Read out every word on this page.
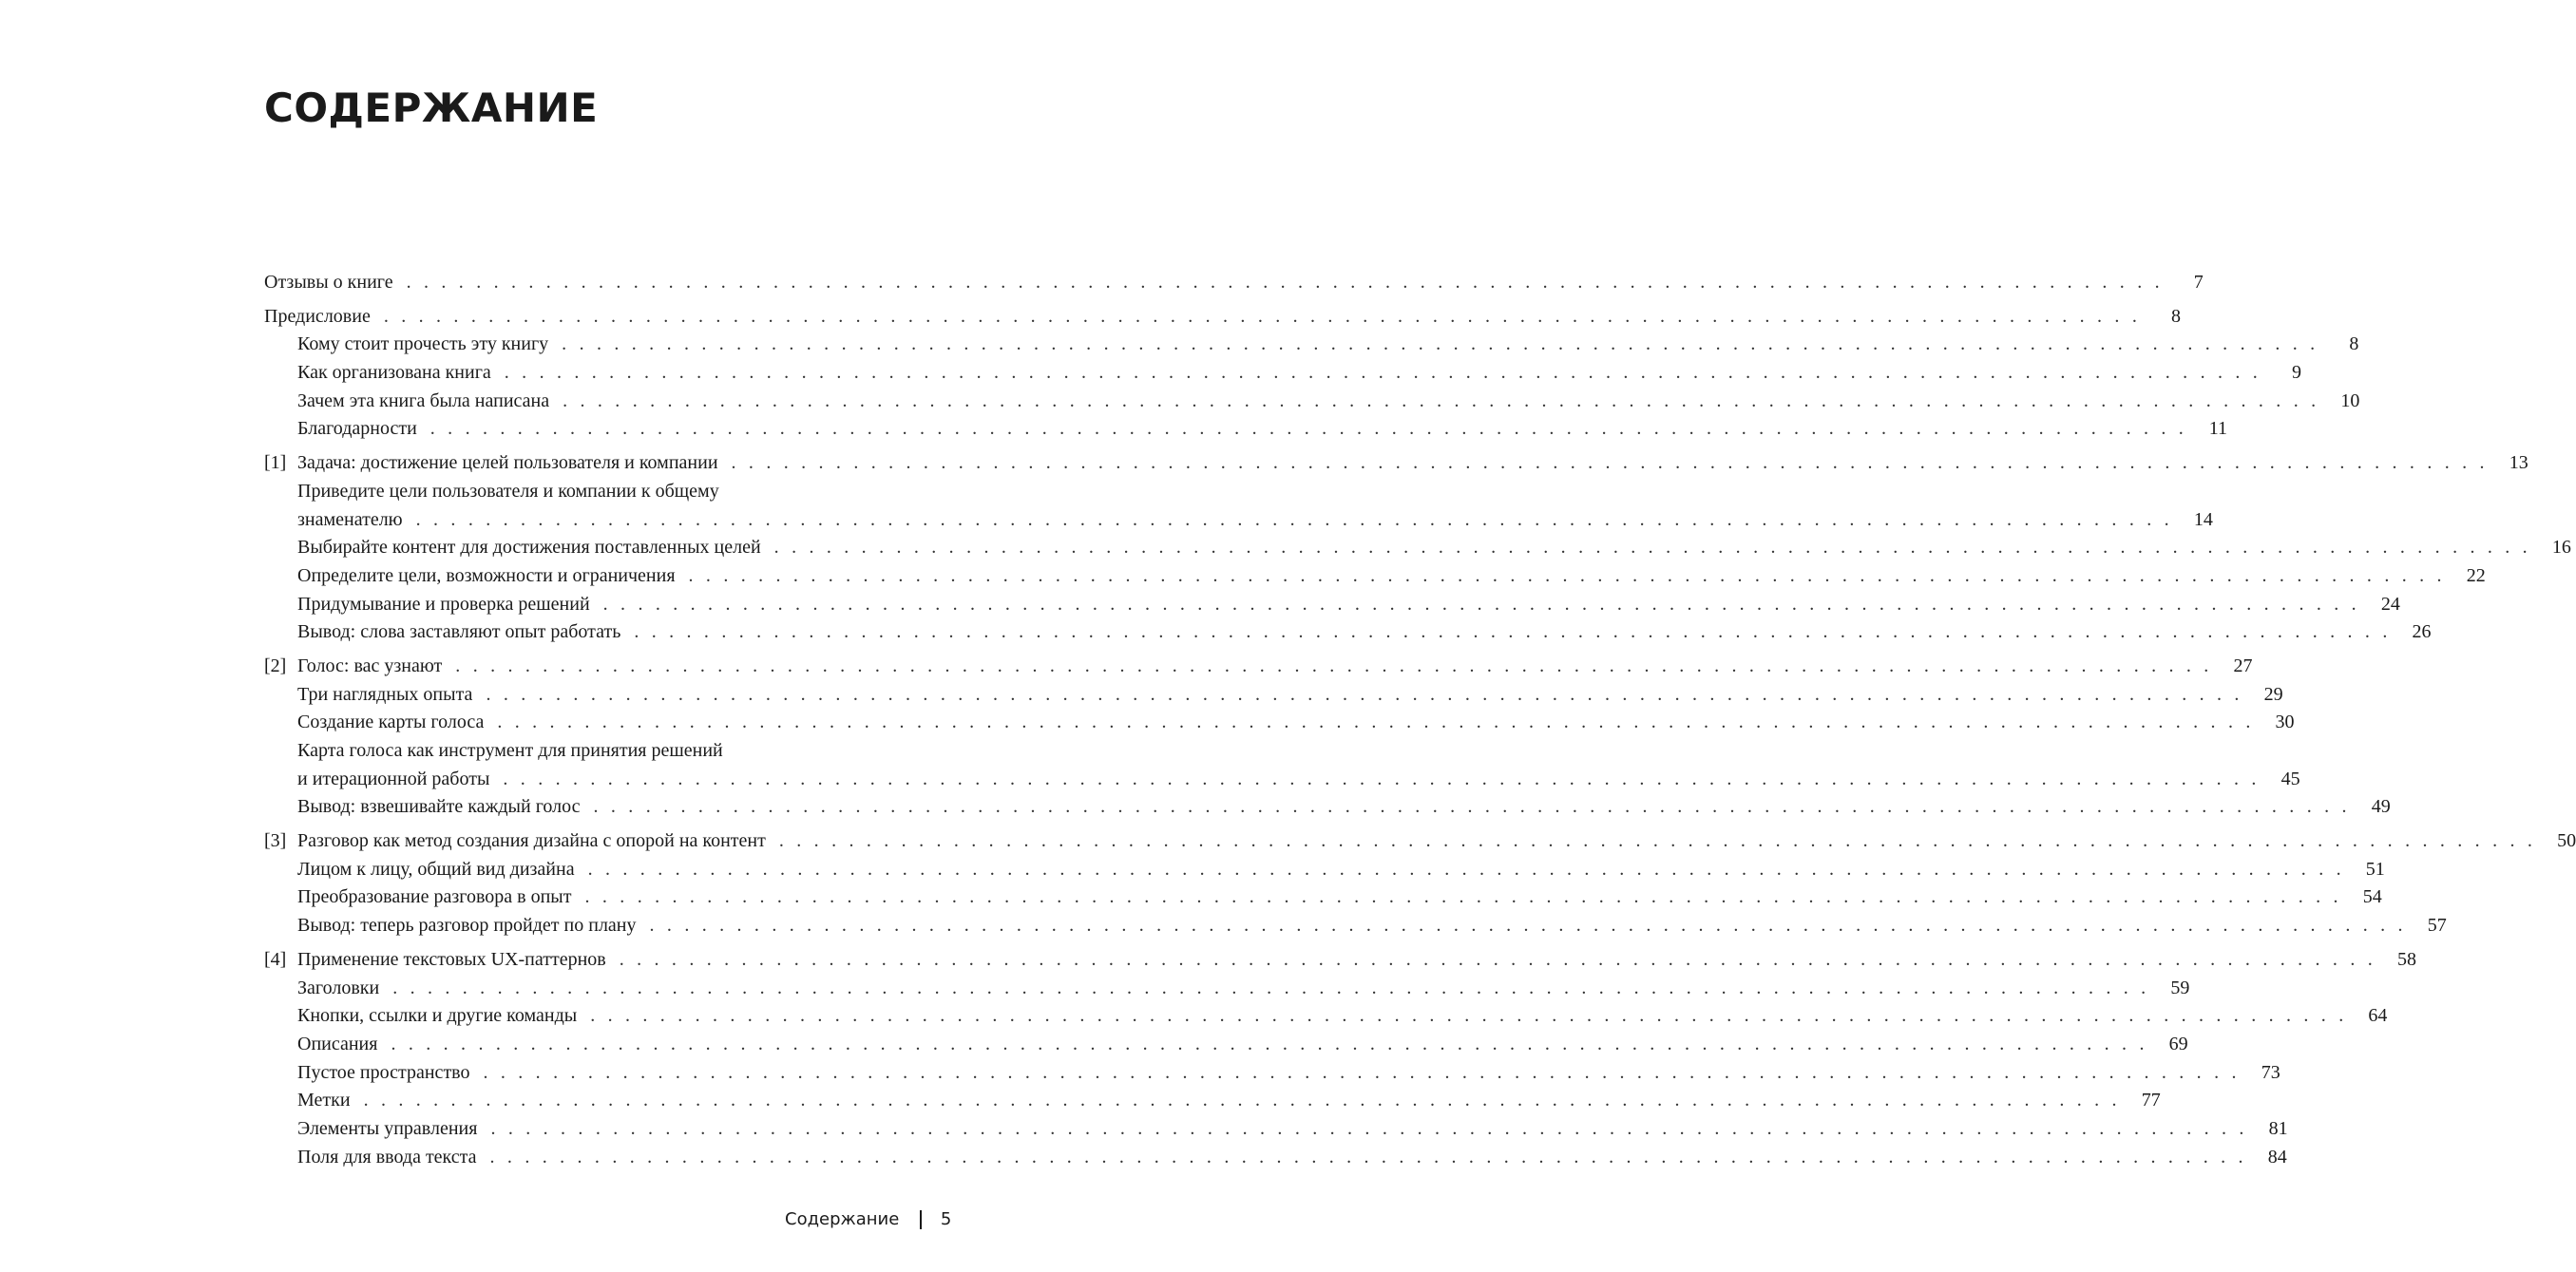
СОДЕРЖАНИЕ
Отзывы о книге . . . . . . . . . . . . . . . . . . . . . . . . . . . . . . . . . . . . . . . . . . . . . . . . . . . . . . . . . . . . . . . . . . . . . . . . . . . . . . . . . . . . . . . . . . . . . . . . . . . . .	7
Предисловие . . . . . . . . . . . . . . . . . . . . . . . . . . . . . . . . . . . . . . . . . . . . . . . . . . . . . . . . . . . . . . . . . . . . . . . . . . . . . . . . . . . . . . . . . . . . . . . . . . . . .	8
Кому стоит прочесть эту книгу . . . . . . . . . . . . . . . . . . . . . . . . . . . . . . . . . . . . . . . . . . . . . . . . . . . . . . . . . . . . . . . . . . . . . . . . . . . . . . . . . . . . . . . . . . . . . . . . . . . . .	8
Как организована книга . . . . . . . . . . . . . . . . . . . . . . . . . . . . . . . . . . . . . . . . . . . . . . . . . . . . . . . . . . . . . . . . . . . . . . . . . . . . . . . . . . . . . . . . . . . . . . . . . . . . .	9
Зачем эта книга была написана . . . . . . . . . . . . . . . . . . . . . . . . . . . . . . . . . . . . . . . . . . . . . . . . . . . . . . . . . . . . . . . . . . . . . . . . . . . . . . . . . . . . . . . . . . . . . . . . . . . . .	10
Благодарности . . . . . . . . . . . . . . . . . . . . . . . . . . . . . . . . . . . . . . . . . . . . . . . . . . . . . . . . . . . . . . . . . . . . . . . . . . . . . . . . . . . . . . . . . . . . . . . . . . . . .	11
[1] Задача: достижение целей пользователя и компании . . . . . . . . . . . . . . . . . . . . . . . . . . . . . . . . . . . . . . . . . . . . . . . . . . . . . . . . . . . . . . . . . . . . . . . . . . . . . . . . . . . . . . . . . . . . . . . . . . . . .	13
Приведите цели пользователя и компании к общему
знаменателю . . . . . . . . . . . . . . . . . . . . . . . . . . . . . . . . . . . . . . . . . . . . . . . . . . . . . . . . . . . . . . . . . . . . . . . . . . . . . . . . . . . . . . . . . . . . . . . . . . . . .	14
Выбирайте контент для достижения поставленных целей . . . . . . . . . . . . . . . . . . . . . . . . . . . . . . . . . . . . . . . . . . . . . . . . . . . . . . . . . . . . . . . . . . . . . . . . . . . . . . . . . . . . . . . . . . . . . . . . . . . . .	16
Определите цели, возможности и ограничения . . . . . . . . . . . . . . . . . . . . . . . . . . . . . . . . . . . . . . . . . . . . . . . . . . . . . . . . . . . . . . . . . . . . . . . . . . . . . . . . . . . . . . . . . . . . . . . . . . . . .	22
Придумывание и проверка решений . . . . . . . . . . . . . . . . . . . . . . . . . . . . . . . . . . . . . . . . . . . . . . . . . . . . . . . . . . . . . . . . . . . . . . . . . . . . . . . . . . . . . . . . . . . . . . . . . . . . .	24
Вывод: слова заставляют опыт работать . . . . . . . . . . . . . . . . . . . . . . . . . . . . . . . . . . . . . . . . . . . . . . . . . . . . . . . . . . . . . . . . . . . . . . . . . . . . . . . . . . . . . . . . . . . . . . . . . . . . .	26
[2] Голос: вас узнают . . . . . . . . . . . . . . . . . . . . . . . . . . . . . . . . . . . . . . . . . . . . . . . . . . . . . . . . . . . . . . . . . . . . . . . . . . . . . . . . . . . . . . . . . . . . . . . . . . . . .	27
Три наглядных опыта . . . . . . . . . . . . . . . . . . . . . . . . . . . . . . . . . . . . . . . . . . . . . . . . . . . . . . . . . . . . . . . . . . . . . . . . . . . . . . . . . . . . . . . . . . . . . . . . . . . . .	29
Создание карты голоса . . . . . . . . . . . . . . . . . . . . . . . . . . . . . . . . . . . . . . . . . . . . . . . . . . . . . . . . . . . . . . . . . . . . . . . . . . . . . . . . . . . . . . . . . . . . . . . . . . . . .	30
Карта голоса как инструмент для принятия решений
и итерационной работы . . . . . . . . . . . . . . . . . . . . . . . . . . . . . . . . . . . . . . . . . . . . . . . . . . . . . . . . . . . . . . . . . . . . . . . . . . . . . . . . . . . . . . . . . . . . . . . . . . . . .	45
Вывод: взвешивайте каждый голос . . . . . . . . . . . . . . . . . . . . . . . . . . . . . . . . . . . . . . . . . . . . . . . . . . . . . . . . . . . . . . . . . . . . . . . . . . . . . . . . . . . . . . . . . . . . . . . . . . . . .	49
[3] Разговор как метод создания дизайна с опорой на контент . . . . . . . . . . . . . . . . . . . . . . . . . . . . . . . . . . . . . . . . . . . . . . . . . . . . . . . . . . . . . . . . . . . . . . . . . . . . . . . . . . . . . . . . . . . . . . . . . . . . .	50
Лицом к лицу, общий вид дизайна . . . . . . . . . . . . . . . . . . . . . . . . . . . . . . . . . . . . . . . . . . . . . . . . . . . . . . . . . . . . . . . . . . . . . . . . . . . . . . . . . . . . . . . . . . . . . . . . . . . . .	51
Преобразование разговора в опыт . . . . . . . . . . . . . . . . . . . . . . . . . . . . . . . . . . . . . . . . . . . . . . . . . . . . . . . . . . . . . . . . . . . . . . . . . . . . . . . . . . . . . . . . . . . . . . . . . . . . .	54
Вывод: теперь разговор пройдет по плану . . . . . . . . . . . . . . . . . . . . . . . . . . . . . . . . . . . . . . . . . . . . . . . . . . . . . . . . . . . . . . . . . . . . . . . . . . . . . . . . . . . . . . . . . . . . . . . . . . . . .	57
[4] Применение текстовых UX-паттернов . . . . . . . . . . . . . . . . . . . . . . . . . . . . . . . . . . . . . . . . . . . . . . . . . . . . . . . . . . . . . . . . . . . . . . . . . . . . . . . . . . . . . . . . . . . . . . . . . . . . .	58
Заголовки . . . . . . . . . . . . . . . . . . . . . . . . . . . . . . . . . . . . . . . . . . . . . . . . . . . . . . . . . . . . . . . . . . . . . . . . . . . . . . . . . . . . . . . . . . . . . . . . . . . . .	59
Кнопки, ссылки и другие команды . . . . . . . . . . . . . . . . . . . . . . . . . . . . . . . . . . . . . . . . . . . . . . . . . . . . . . . . . . . . . . . . . . . . . . . . . . . . . . . . . . . . . . . . . . . . . . . . . . . . .	64
Описания . . . . . . . . . . . . . . . . . . . . . . . . . . . . . . . . . . . . . . . . . . . . . . . . . . . . . . . . . . . . . . . . . . . . . . . . . . . . . . . . . . . . . . . . . . . . . . . . . . . . .	69
Пустое пространство . . . . . . . . . . . . . . . . . . . . . . . . . . . . . . . . . . . . . . . . . . . . . . . . . . . . . . . . . . . . . . . . . . . . . . . . . . . . . . . . . . . . . . . . . . . . . . . . . . . . .	73
Метки . . . . . . . . . . . . . . . . . . . . . . . . . . . . . . . . . . . . . . . . . . . . . . . . . . . . . . . . . . . . . . . . . . . . . . . . . . . . . . . . . . . . . . . . . . . . . . . . . . . . .	77
Элементы управления . . . . . . . . . . . . . . . . . . . . . . . . . . . . . . . . . . . . . . . . . . . . . . . . . . . . . . . . . . . . . . . . . . . . . . . . . . . . . . . . . . . . . . . . . . . . . . . . . . . . .	81
Поля для ввода текста . . . . . . . . . . . . . . . . . . . . . . . . . . . . . . . . . . . . . . . . . . . . . . . . . . . . . . . . . . . . . . . . . . . . . . . . . . . . . . . . . . . . . . . . . . . . . . . . . . . . .	84
Содержание 5
